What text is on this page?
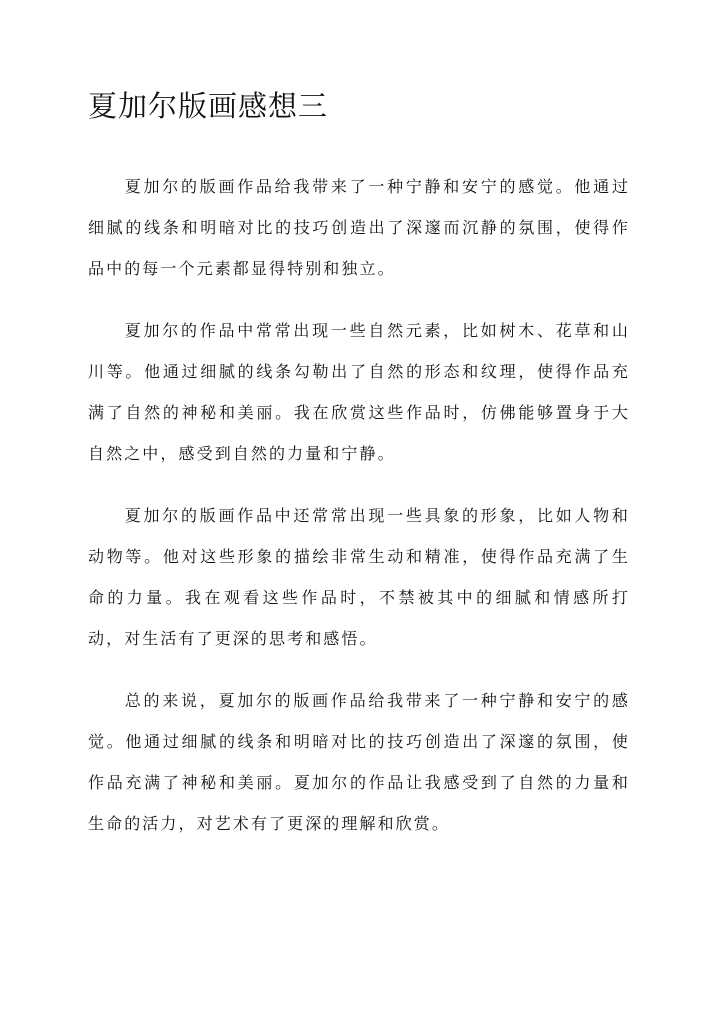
夏加尔版画感想三

夏加尔的版画作品给我带来了一种宁静和安宁的感觉。他通过细腻的线条和明暗对比的技巧创造出了深邃而沉静的氛围，使得作品中的每一个元素都显得特别和独立。

夏加尔的作品中常常出现一些自然元素，比如树木、花草和山川等。他通过细腻的线条勾勒出了自然的形态和纹理，使得作品充满了自然的神秘和美丽。我在欣赏这些作品时，仿佛能够置身于大自然之中，感受到自然的力量和宁静。

夏加尔的版画作品中还常常出现一些具象的形象，比如人物和动物等。他对这些形象的描绘非常生动和精准，使得作品充满了生命的力量。我在观看这些作品时，不禁被其中的细腻和情感所打动，对生活有了更深的思考和感悟。

总的来说，夏加尔的版画作品给我带来了一种宁静和安宁的感觉。他通过细腻的线条和明暗对比的技巧创造出了深邃的氛围，使作品充满了神秘和美丽。夏加尔的作品让我感受到了自然的力量和生命的活力，对艺术有了更深的理解和欣赏。
